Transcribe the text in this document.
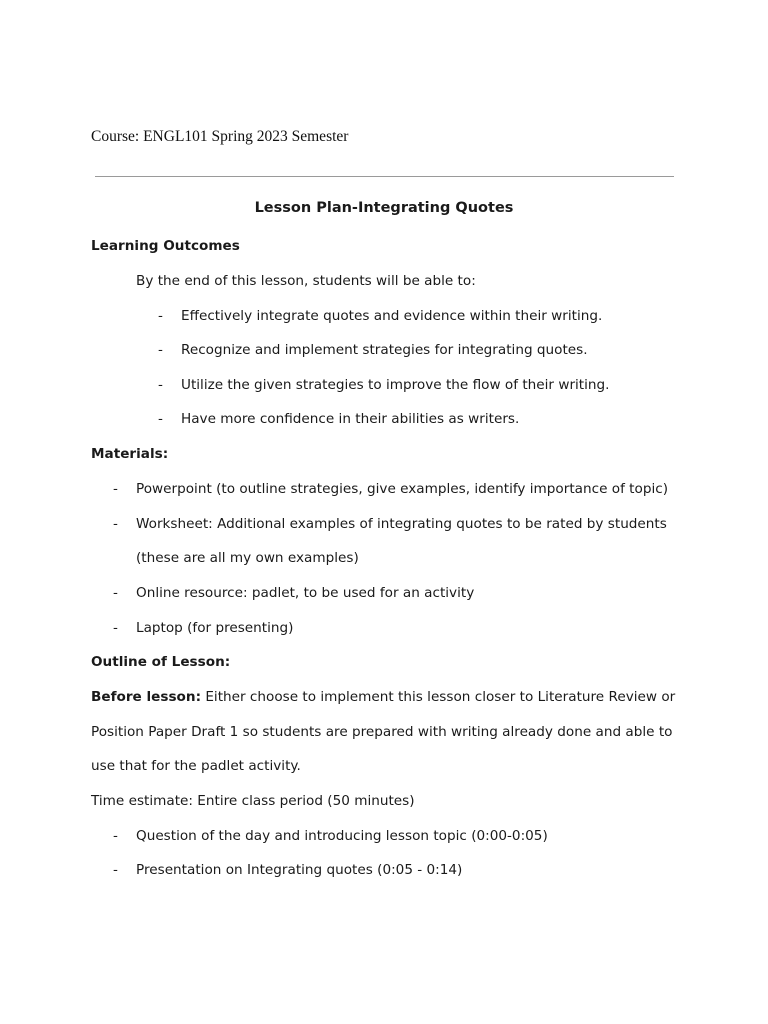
Course: ENGL101 Spring 2023 Semester
Lesson Plan-Integrating Quotes
Learning Outcomes
By the end of this lesson, students will be able to:
- Effectively integrate quotes and evidence within their writing.
- Recognize and implement strategies for integrating quotes.
- Utilize the given strategies to improve the flow of their writing.
- Have more confidence in their abilities as writers.
Materials:
- Powerpoint (to outline strategies, give examples, identify importance of topic)
- Worksheet: Additional examples of integrating quotes to be rated by students
(these are all my own examples)
- Online resource: padlet, to be used for an activity
- Laptop (for presenting)
Outline of Lesson:
Before lesson: Either choose to implement this lesson closer to Literature Review or
Position Paper Draft 1 so students are prepared with writing already done and able to
use that for the padlet activity.
Time estimate: Entire class period (50 minutes)
- Question of the day and introducing lesson topic (0:00-0:05)
- Presentation on Integrating quotes (0:05 - 0:14)
